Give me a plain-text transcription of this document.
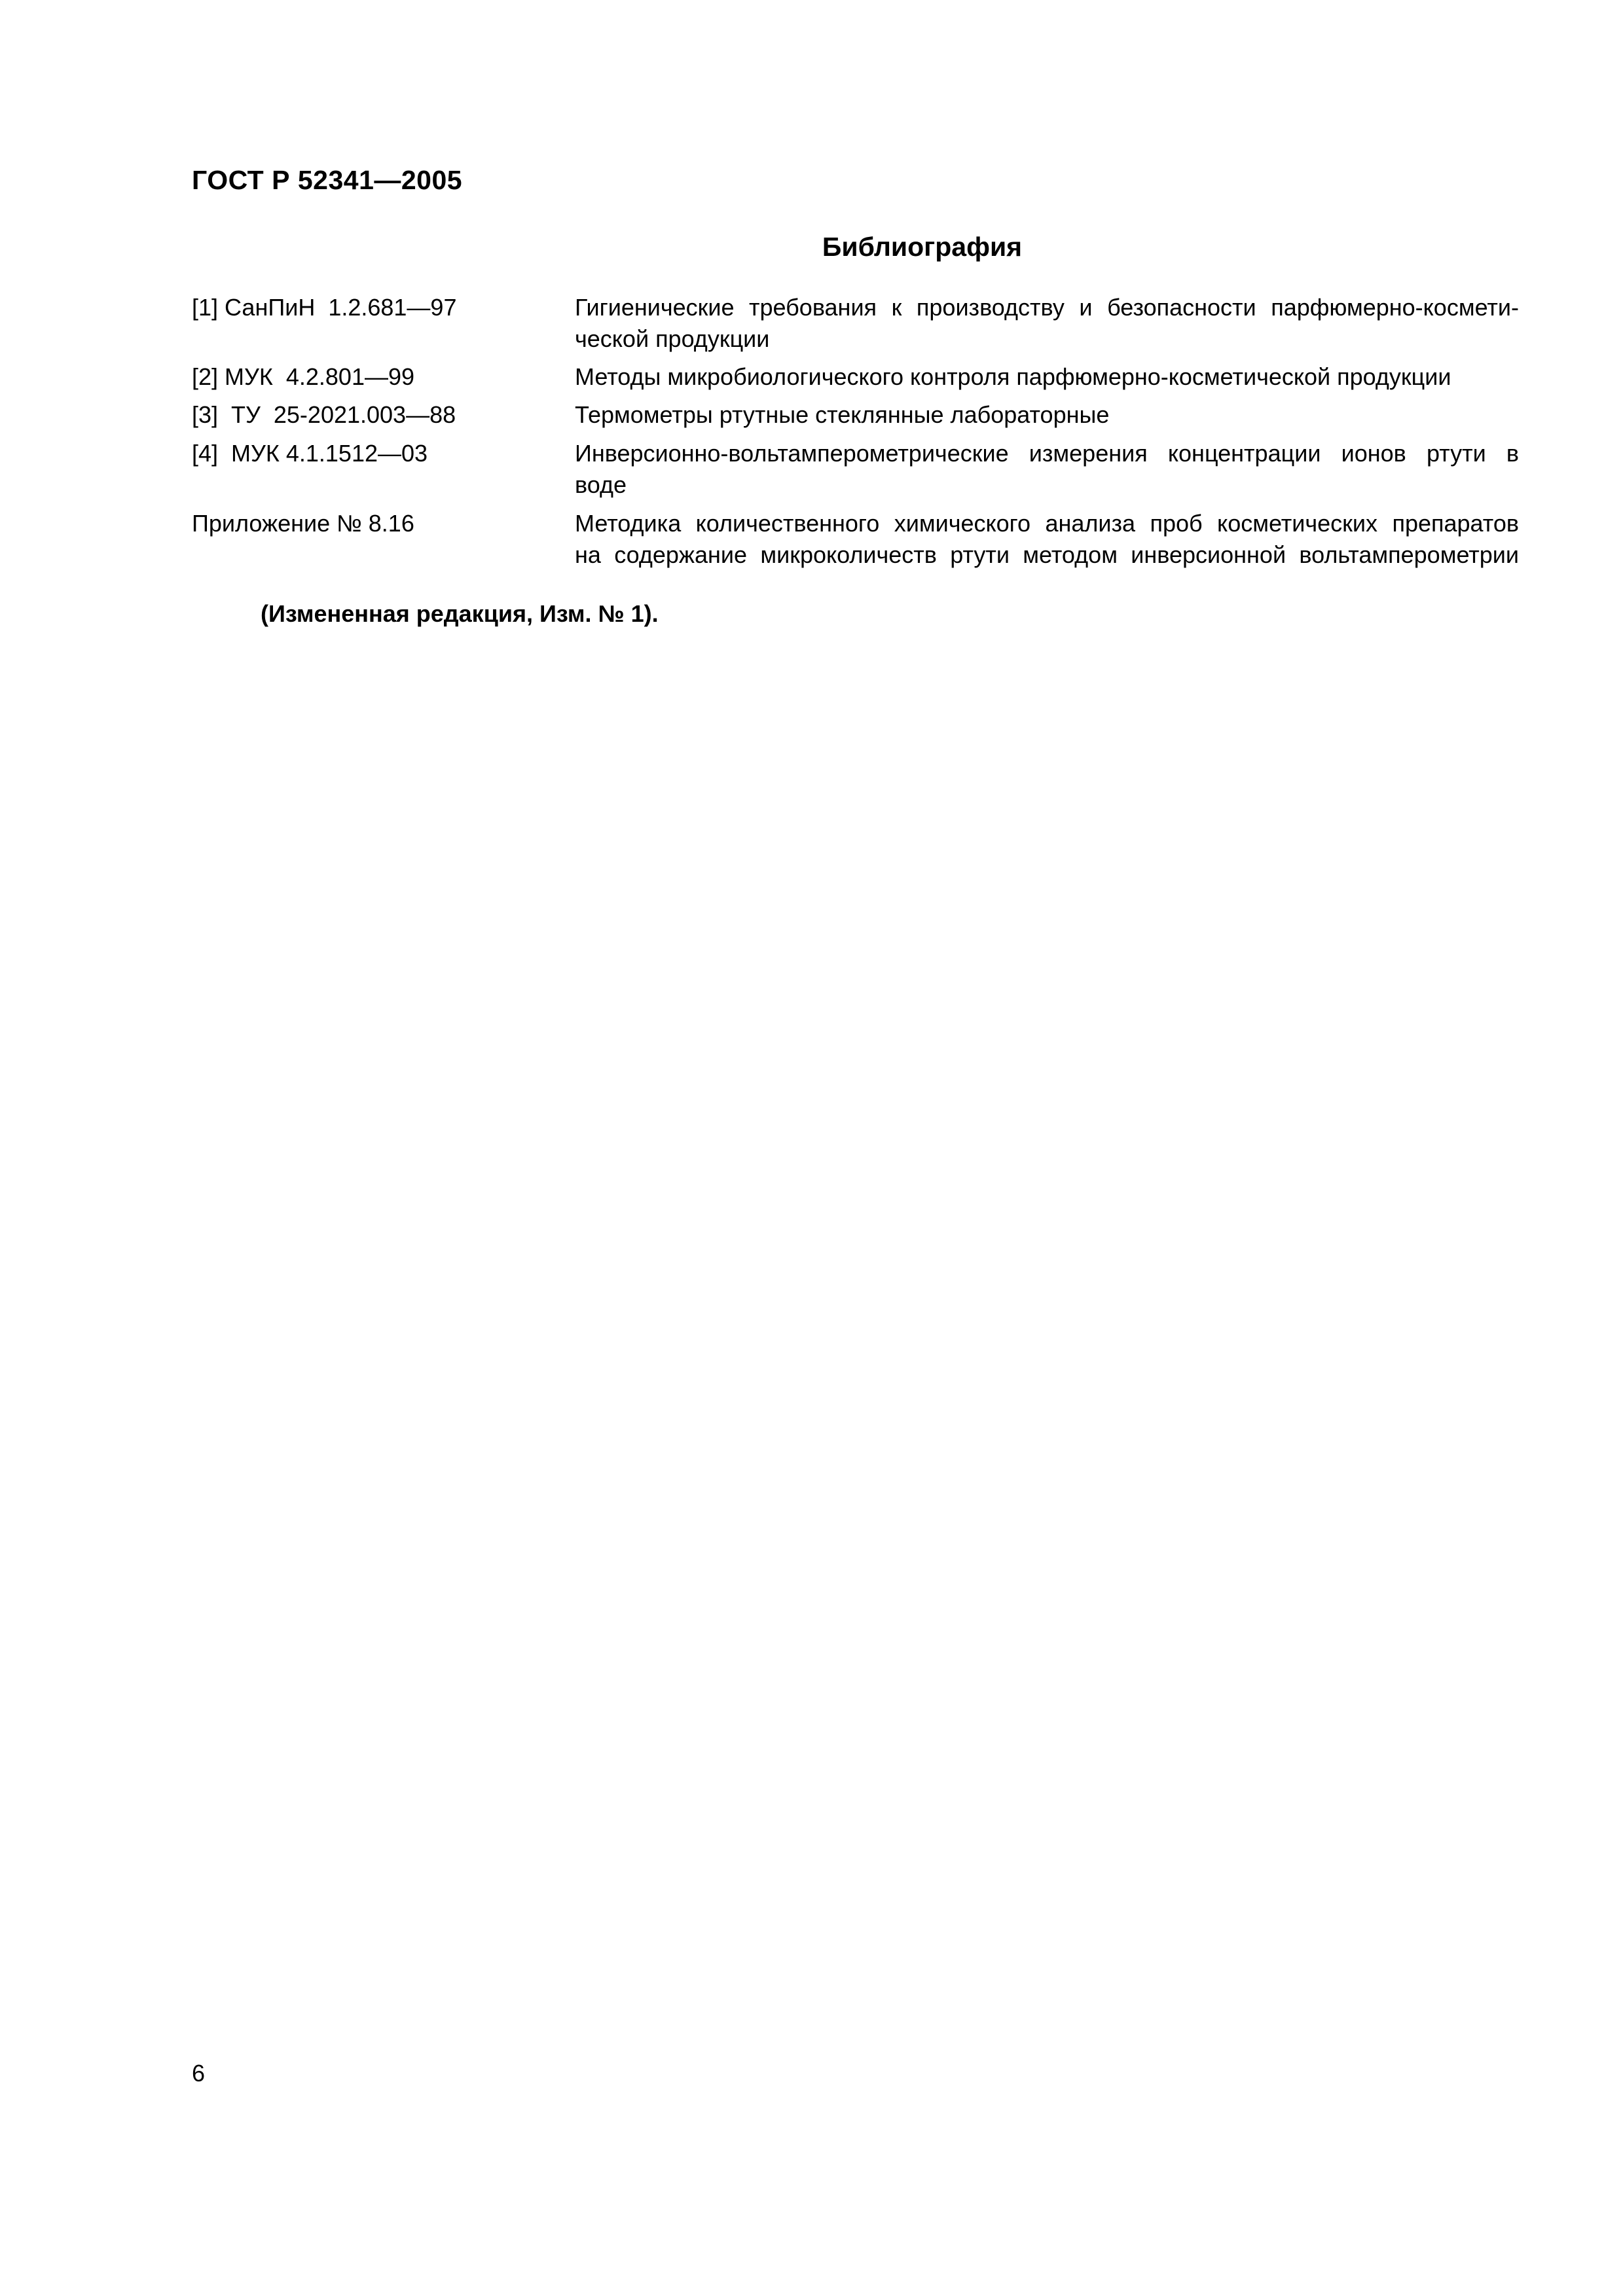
ГОСТ Р 52341—2005
Библиография
[1] СанПиН  1.2.681—97	Гигиенические требования к производству и безопасности парфюмерно-космети-
ческой продукции
[2] МУК  4.2.801—99	Методы микробиологического контроля парфюмерно-косметической продукции
[3]  ТУ  25-2021.003—88	Термометры ртутные стеклянные лабораторные
[4]  МУК 4.1.1512—03	Инверсионно-вольтамперометрические измерения концентрации ионов ртути в
воде
Приложение № 8.16	Методика количественного химического анализа проб косметических препаратов
на содержание микроколичеств ртути методом инверсионной вольтамперометрии
(Измененная редакция, Изм. № 1).
6
